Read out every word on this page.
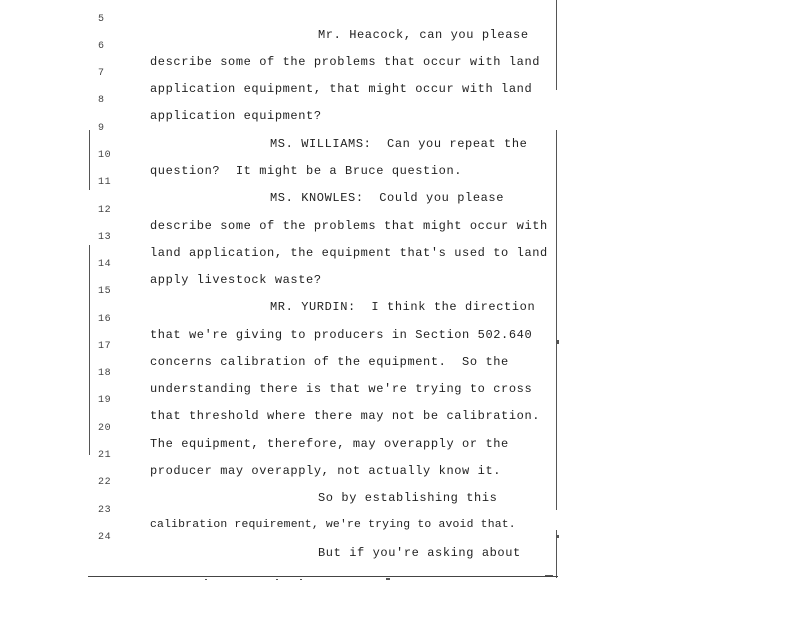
5

Mr. Heacock, can you please

6

describe some of the problems that occur with land

7

application equipment, that might occur with land

8

application equipment?

9

MS. WILLIAMS:  Can you repeat the

10

question?  It might be a Bruce question.

11

MS. KNOWLES:  Could you please

12

describe some of the problems that might occur with

13

land application, the equipment that's used to land

14

apply livestock waste?

15

MR. YURDIN:  I think the direction

16

that we're giving to producers in Section 502.640

17

concerns calibration of the equipment.  So the

18

understanding there is that we're trying to cross

19

that threshold where there may not be calibration.

20

The equipment, therefore, may overapply or the

21

producer may overapply, not actually know it.

22

So by establishing this

23

calibration requirement, we're trying to avoid that.

24

But if you're asking about
